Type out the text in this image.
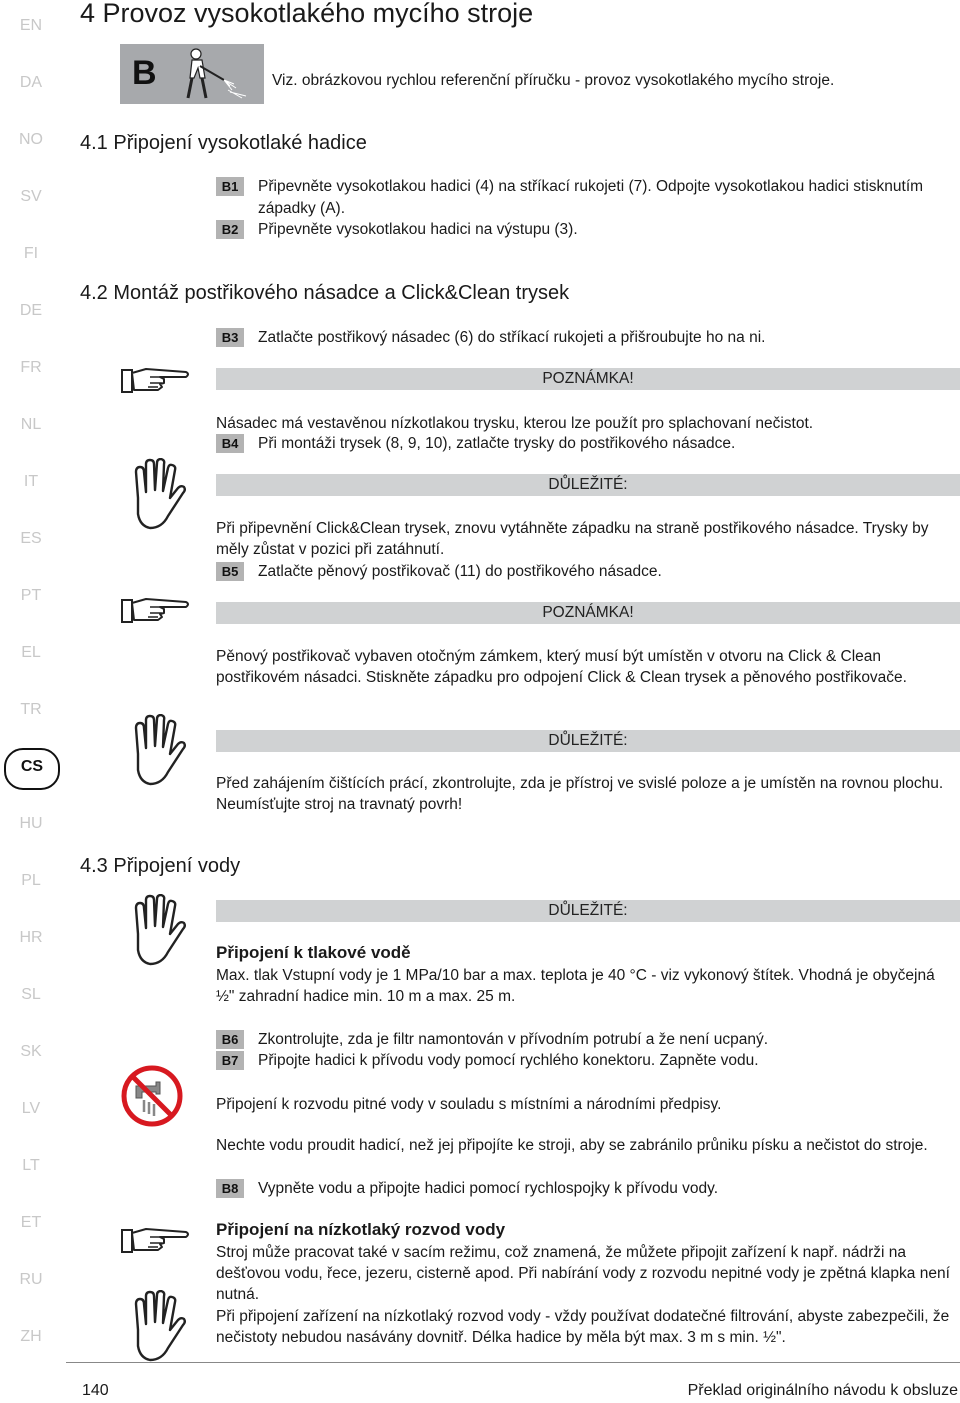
EN
DA
NO
SV
FI
DE
FR
NL
IT
ES
PT
EL
TR
CS
HU
PL
HR
SL
SK
LV
LT
ET
RU
ZH
4 Provoz vysokotlakého mycího stroje
B	Viz. obrázkovou rychlou referenční příručku - provoz vysokotlakého mycího stroje.
4.1 Připojení vysokotlaké hadice
B1	Připevněte vysokotlakou hadici (4) na stříkací rukojeti (7). Odpojte vysokotlakou hadici stisknutím západky (A).
B2	Připevněte vysokotlakou hadici na výstupu (3).
4.2 Montáž postřikového násadce a Click&Clean trysek
B3	Zatlačte postřikový násadec (6) do stříkací rukojeti a přišroubujte ho na ni.
POZNÁMKA!

Násadec má vestavěnou nízkotlakou trysku, kterou lze použít pro splachovaní nečistot.

B4	Při montáži trysek (8, 9, 10), zatlačte trysky do postřikového násadce.
DŮLEŽITÉ:

Při připevnění Click&Clean trysek, znovu vytáhněte západku na straně postřikového násadce. Trysky by měly zůstat v pozici při zatáhnutí.

B5	Zatlačte pěnový postřikovač (11) do postřikového násadce.
POZNÁMKA!

Pěnový postřikovač vybaven otočným zámkem, který musí být umístěn v otvoru na Click & Clean postřikovém násadci. Stiskněte západku pro odpojení Click & Clean trysek a pěnového postřikovače.

DŮLEŽITÉ:

Před zahájením čištících prácí, zkontrolujte, zda je přístroj ve svislé poloze a je umístěn na rovnou plochu. Neumísťujte stroj na travnatý povrh!

4.3 Připojení vody
DŮLEŽITÉ:
Připojení k tlakové vodě

Max. tlak Vstupní vody je 1 MPa/10 bar a max. teplota je 40 °C - viz vykonový štítek. Vhodná je obyčejná ½" zahradní hadice min. 10 m a max. 25 m.

B6	Zkontrolujte, zda je filtr namontován v přívodním potrubí a že není ucpaný.
B7	Připojte hadici k přívodu vody pomocí rychlého konektoru. Zapněte vodu.

Připojení k rozvodu pitné vody v souladu s místními a národními předpisy.

Nechte vodu proudit hadicí, než jej připojíte ke stroji, aby se zabránilo průniku písku a nečistot do stroje.

B8	Vypněte vodu a připojte hadici pomocí rychlospojky k přívodu vody.
Připojení na nízkotlaký rozvod vody

Stroj může pracovat také v sacím režimu, což znamená, že můžete připojit zařízení k např. nádrži na dešťovou vodu, řece, jezeru, cisterně apod. Při nabírání vody z rozvodu nepitné vody je zpětná klapka není nutná.

Při připojení zařízení na nízkotlaký rozvod vody - vždy používat dodatečné filtrování, abyste zabezpečili, že nečistoty nebudou nasávány dovnitř. Délka hadice by měla být max. 3 m s min. ½".

140	Překlad originálního návodu k obsluze
